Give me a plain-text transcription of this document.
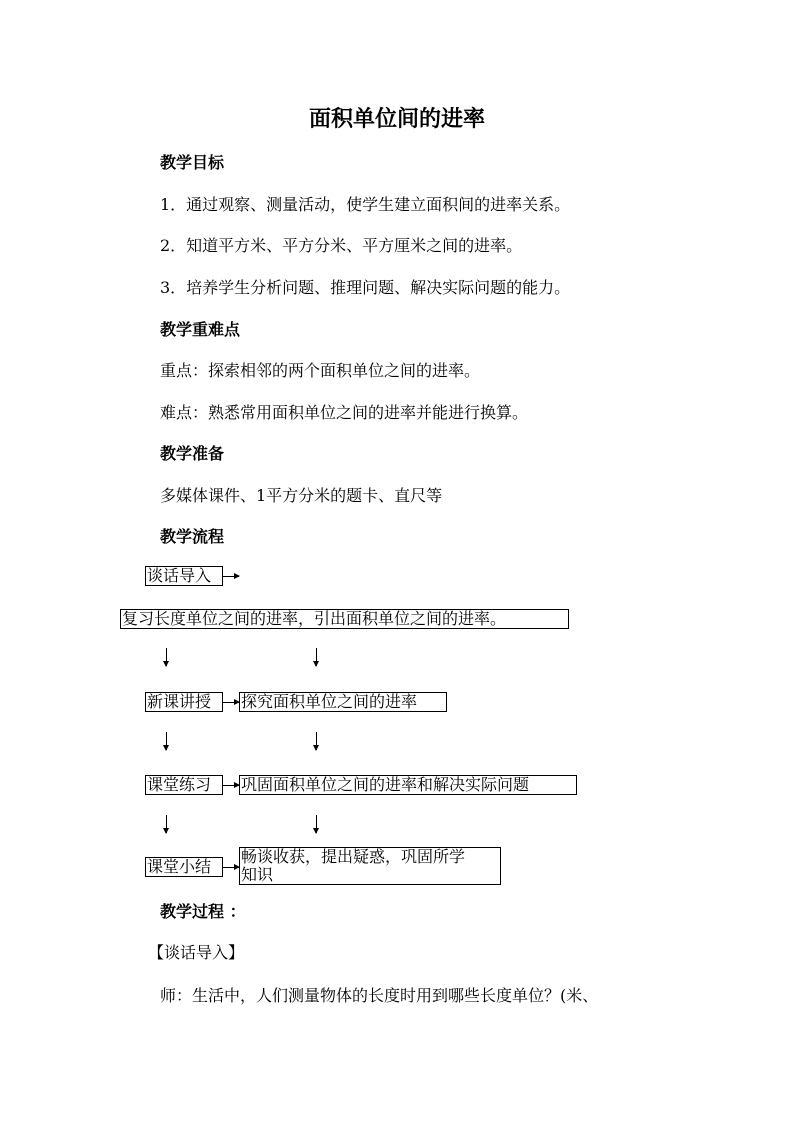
面积单位间的进率
教学目标
1．通过观察、测量活动，使学生建立面积间的进率关系。
2．知道平方米、平方分米、平方厘米之间的进率。
3．培养学生分析问题、推理问题、解决实际问题的能力。
教学重难点
重点：探索相邻的两个面积单位之间的进率。
难点：熟悉常用面积单位之间的进率并能进行换算。
教学准备
多媒体课件、1平方分米的题卡、直尺等
教学流程
谈话导入
复习长度单位之间的进率，引出面积单位之间的进率。
新课讲授	探究面积单位之间的进率
课堂练习	巩固面积单位之间的进率和解决实际问题
课堂小结
畅谈收获，提出疑惑，巩固所学
知识
教学过程 ：
【谈话导入】
师：生活中，人们测量物体的长度时用到哪些长度单位？(米、
